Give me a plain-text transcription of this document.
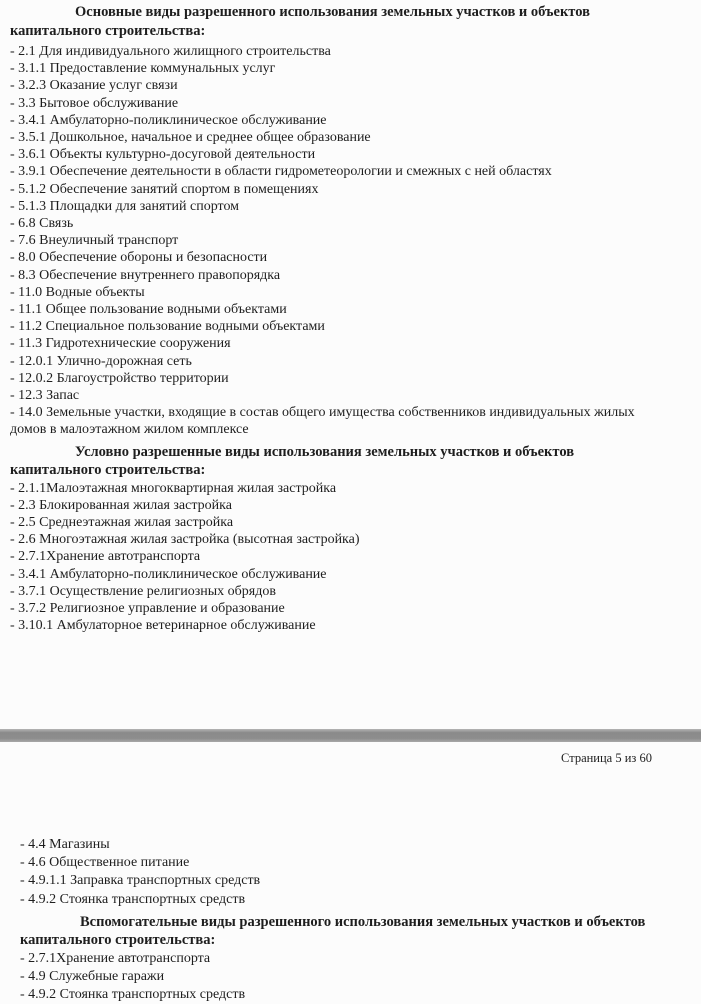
Основные виды разрешенного использования земельных участков и объектов капитального строительства:

- 2.1 Для индивидуального жилищного строительства
- 3.1.1 Предоставление коммунальных услуг
- 3.2.3 Оказание услуг связи
- 3.3 Бытовое обслуживание
- 3.4.1 Амбулаторно-поликлиническое обслуживание
- 3.5.1 Дошкольное, начальное и среднее общее образование
- 3.6.1 Объекты культурно-досуговой деятельности
- 3.9.1 Обеспечение деятельности в области гидрометеорологии и смежных с ней областях
- 5.1.2 Обеспечение занятий спортом в помещениях
- 5.1.3 Площадки для занятий спортом
- 6.8 Связь
- 7.6 Внеуличный транспорт
- 8.0 Обеспечение обороны и безопасности
- 8.3 Обеспечение внутреннего правопорядка
- 11.0 Водные объекты
- 11.1 Общее пользование водными объектами
- 11.2 Специальное пользование водными объектами
- 11.3 Гидротехнические сооружения
- 12.0.1 Улично-дорожная сеть
- 12.0.2 Благоустройство территории
- 12.3 Запас
- 14.0 Земельные участки, входящие в состав общего имущества собственников индивидуальных жилых домов в малоэтажном жилом комплексе

Условно разрешенные виды использования земельных участков и объектов капитального строительства:

- 2.1.1Малоэтажная многоквартирная жилая застройка
- 2.3 Блокированная жилая застройка
- 2.5 Среднеэтажная жилая застройка
- 2.6 Многоэтажная жилая застройка (высотная застройка)
- 2.7.1Хранение автотранспорта
- 3.4.1 Амбулаторно-поликлиническое обслуживание
- 3.7.1 Осуществление религиозных обрядов
- 3.7.2 Религиозное управление и образование
- 3.10.1 Амбулаторное ветеринарное обслуживание
Страница 5 из 60
- 4.4 Магазины
- 4.6 Общественное питание
- 4.9.1.1 Заправка транспортных средств
- 4.9.2 Стоянка транспортных средств

Вспомогательные виды разрешенного использования земельных участков и объектов капитального строительства:

- 2.7.1Хранение автотранспорта
- 4.9 Служебные гаражи
- 4.9.2 Стоянка транспортных средств
